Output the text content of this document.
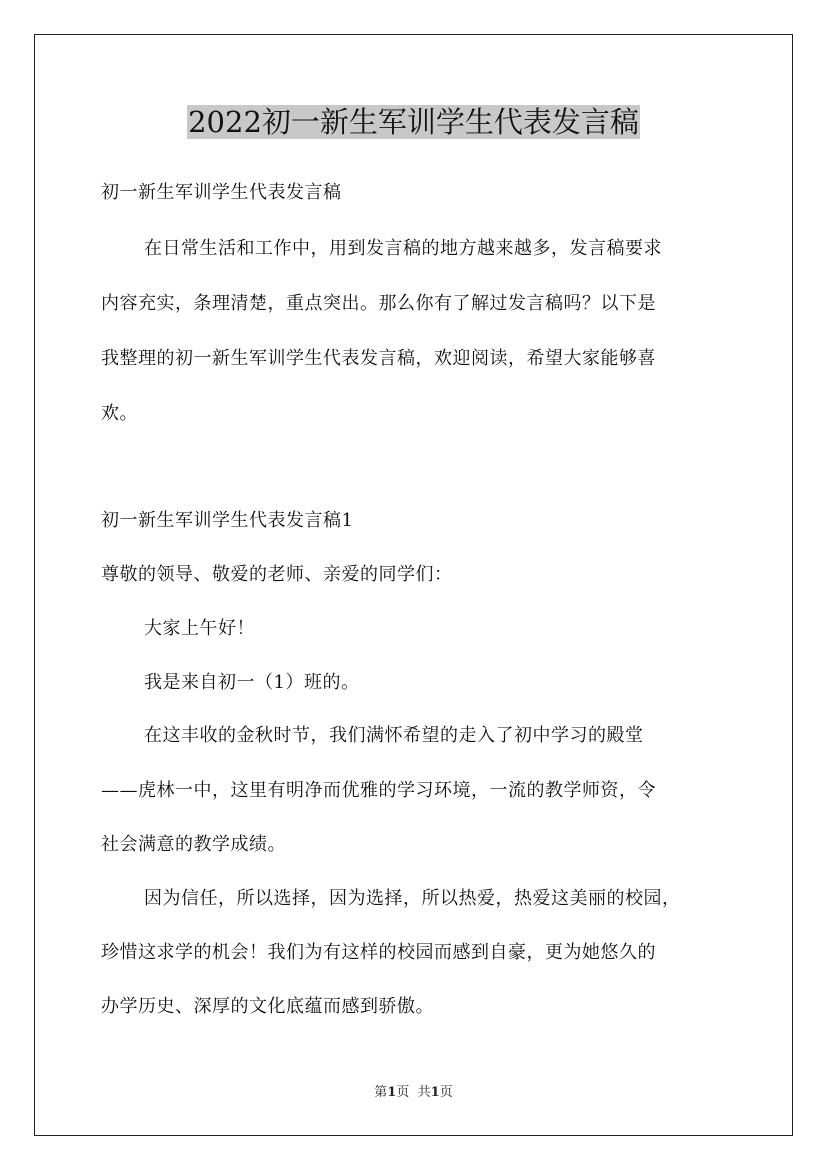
2022初一新生军训学生代表发言稿

初一新生军训学生代表发言稿

在日常生活和工作中，用到发言稿的地方越来越多，发言稿要求

内容充实，条理清楚，重点突出。那么你有了解过发言稿吗？以下是

我整理的初一新生军训学生代表发言稿，欢迎阅读，希望大家能够喜

欢。

初一新生军训学生代表发言稿1

尊敬的领导、敬爱的老师、亲爱的同学们：

大家上午好！

我是来自初一（1）班的。

在这丰收的金秋时节，我们满怀希望的走入了初中学习的殿堂

——虎林一中，这里有明净而优雅的学习环境，一流的教学师资，令

社会满意的教学成绩。

因为信任，所以选择，因为选择，所以热爱，热爱这美丽的校园，

珍惜这求学的机会！我们为有这样的校园而感到自豪，更为她悠久的

办学历史、深厚的文化底蕴而感到骄傲。

第1页 共1页
